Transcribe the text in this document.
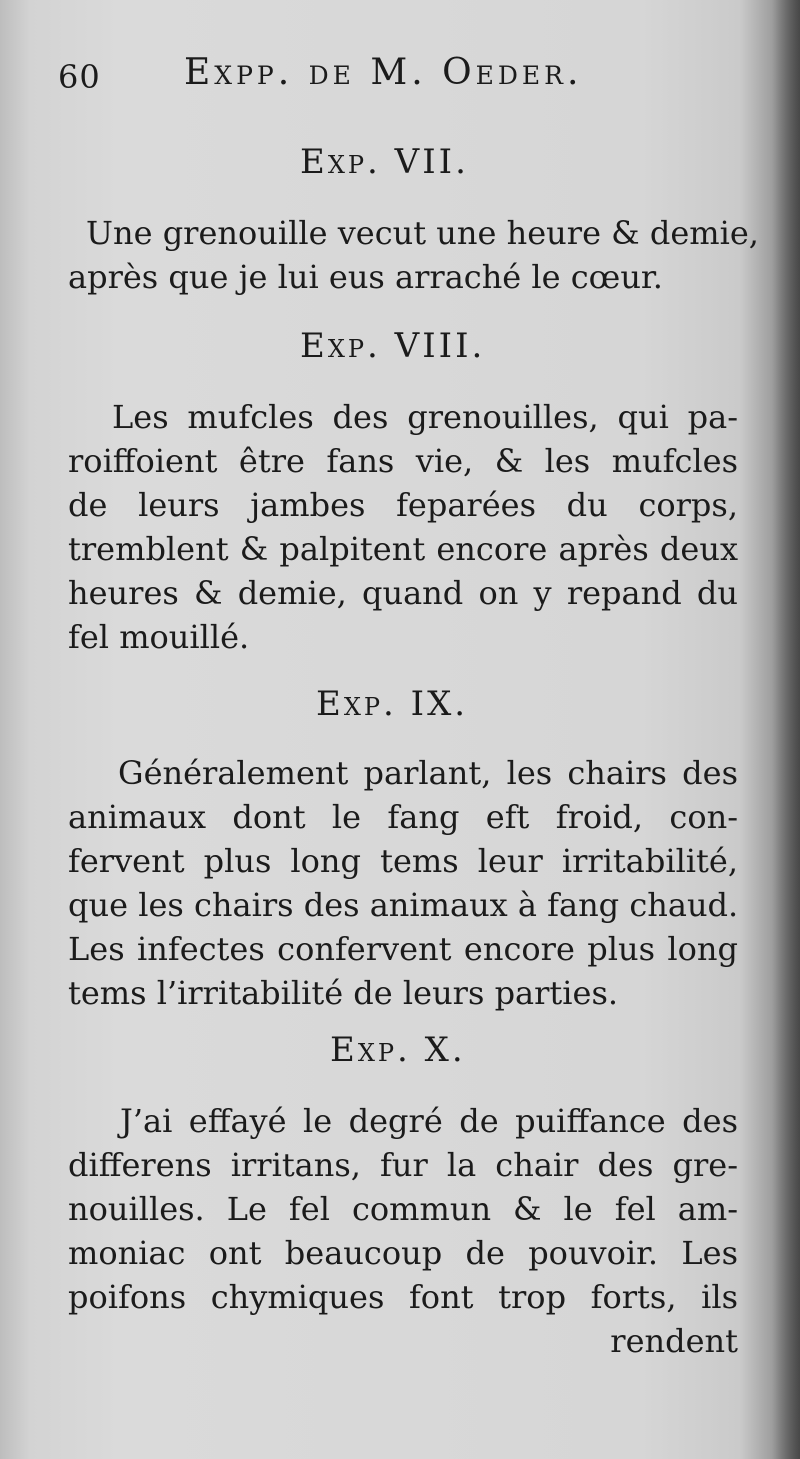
60 Expp. de M. Oeder.
Exp. VII.
Une grenouille vecut une heure & demie,
après que je lui eus arraché le cœur.
Exp. VIII.
Les mufcles des grenouilles, qui pa-
roiffoient être fans vie, & les mufcles
de leurs jambes feparées du corps,
tremblent & palpitent encore après deux
heures & demie, quand on y repand du
fel mouillé.
Exp. IX.
Généralement parlant, les chairs des
animaux dont le fang eft froid, con-
fervent plus long tems leur irritabilité,
que les chairs des animaux à fang chaud.
Les infectes confervent encore plus long
tems l’irritabilité de leurs parties.
Exp. X.
J’ai effayé le degré de puiffance des
differens irritans, fur la chair des gre-
nouilles. Le fel commun & le fel am-
moniac ont beaucoup de pouvoir. Les
poifons chymiques font trop forts, ils
rendent
